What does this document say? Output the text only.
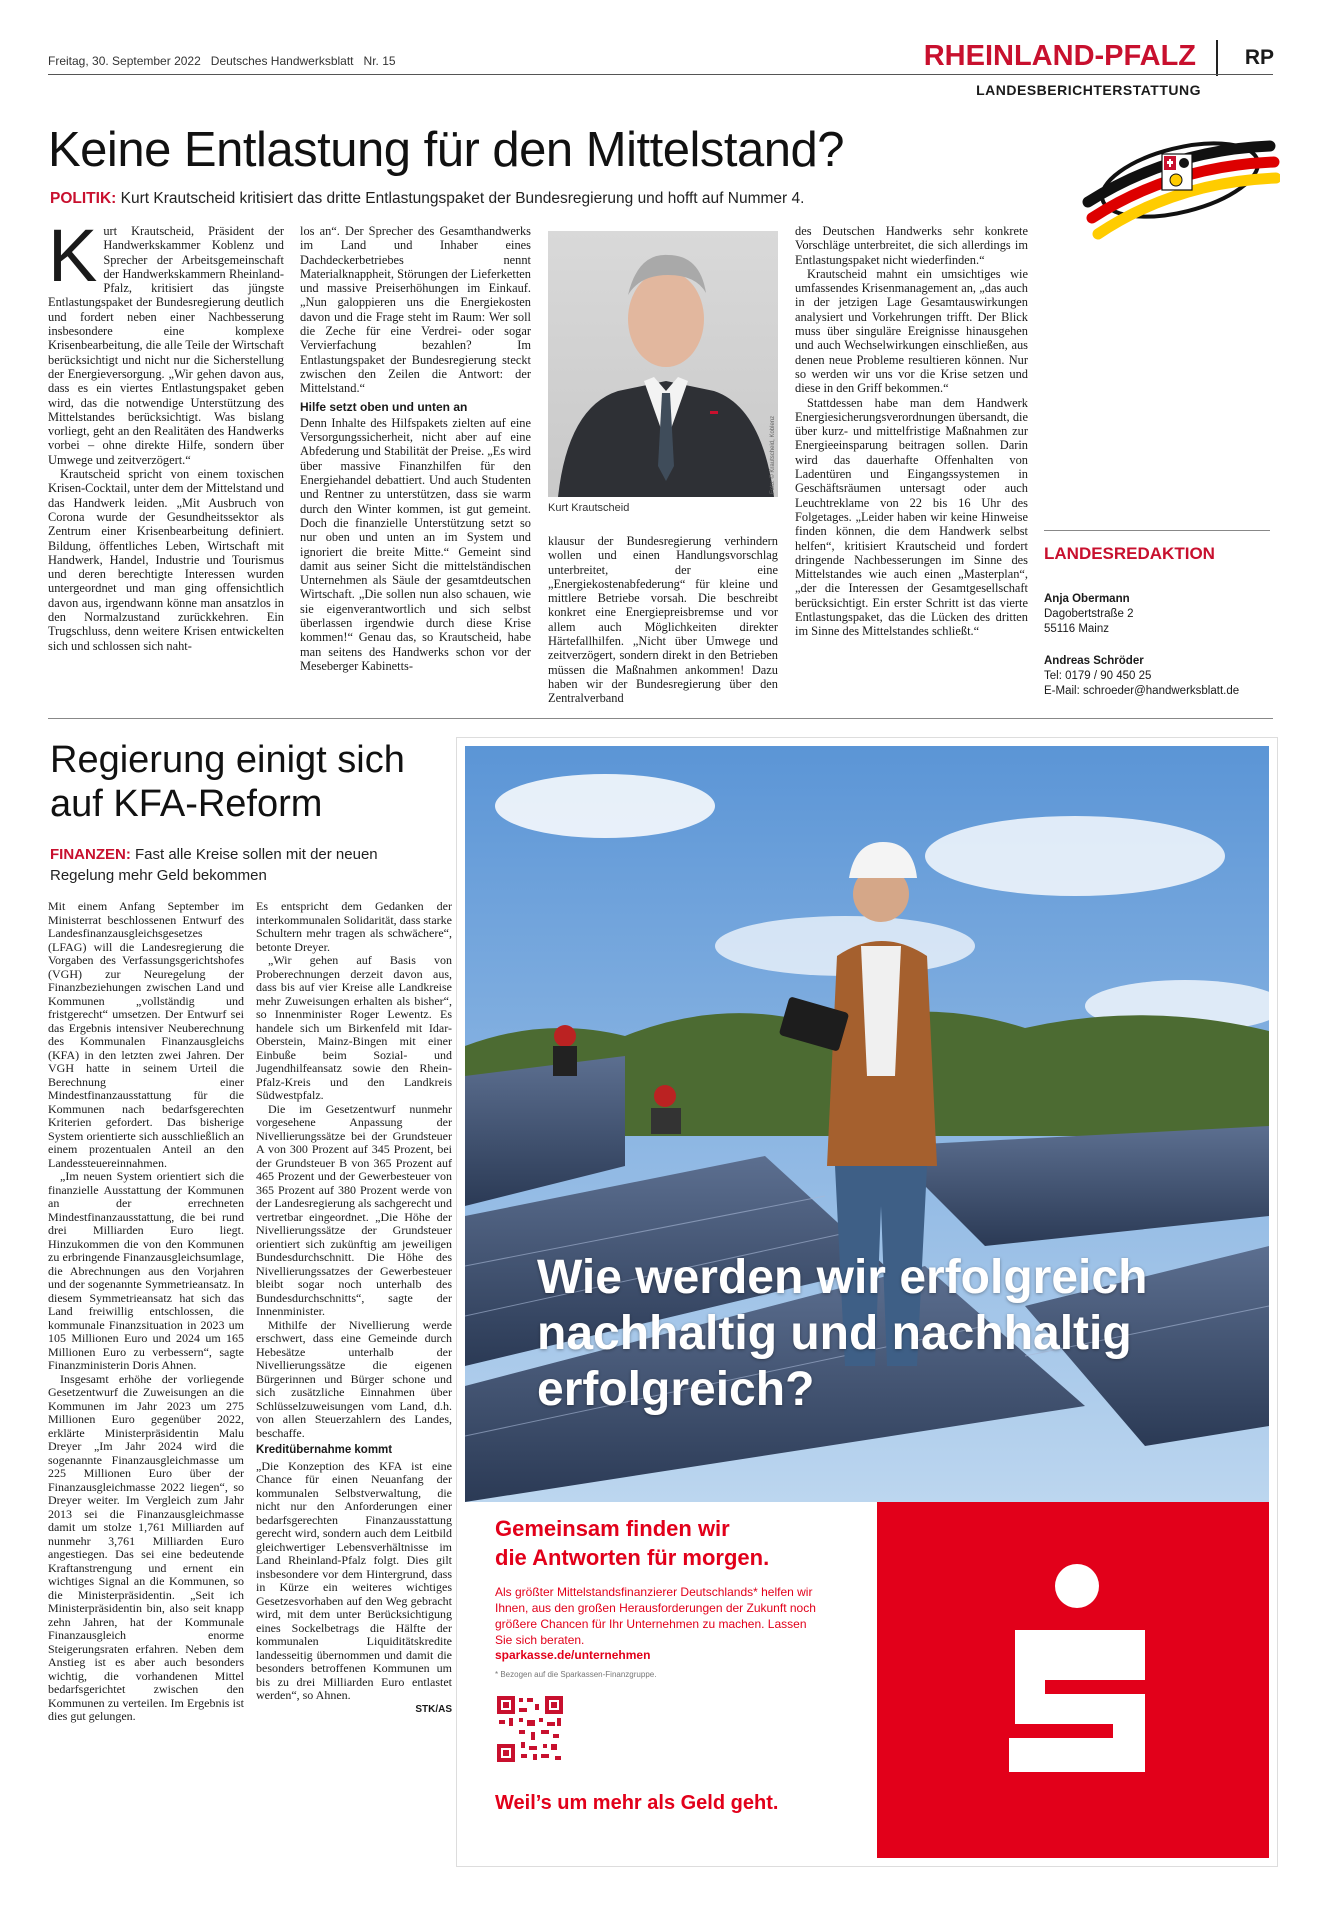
Freitag, 30. September 2022 Deutsches Handwerksblatt Nr. 15	RHEINLAND-PFALZ RP
LANDESBERICHTERSTATTUNG
Keine Entlastung für den Mittelstand?
POLITIK: Kurt Krautscheid kritisiert das dritte Entlastungspaket der Bundesregierung und hofft auf Nummer 4.
K urt Krautscheid, Präsident der Handwerkskammer Koblenz und Sprecher der Arbeitsgemeinschaft der Handwerkskammern Rheinland-Pfalz, kritisiert das jüngste Entlastungspaket der Bundesregierung deutlich und fordert neben einer Nachbesserung insbesondere eine komplexe Krisenbearbeitung, die alle Teile der Wirtschaft berücksichtigt und nicht nur die Sicherstellung der Energieversorgung. „Wir gehen davon aus, dass es ein viertes Entlastungspaket geben wird, das die notwendige Unterstützung des Mittelstandes berücksichtigt. Was bislang vorliegt, geht an den Realitäten des Handwerks vorbei – ohne direkte Hilfe, sondern über Umwege und zeitverzögert.“

Krautscheid spricht von einem toxischen Krisen-Cocktail, unter dem der Mittelstand und das Handwerk leiden. „Mit Ausbruch von Corona wurde der Gesundheitssektor als Zentrum einer Krisenbearbeitung definiert. Bildung, öffentliches Leben, Wirtschaft mit Handwerk, Handel, Industrie und Tourismus und deren berechtigte Interessen wurden untergeordnet und man ging offensichtlich davon aus, irgendwann könne man ansatzlos in den Normalzustand zurückkehren. Ein Trugschluss, denn weitere Krisen entwickelten sich und schlossen sich naht-

los an“. Der Sprecher des Gesamthandwerks im Land und Inhaber eines Dachdeckerbetriebes nennt Materialknappheit, Störungen der Lieferketten und massive Preiserhöhungen im Einkauf. „Nun galoppieren uns die Energiekosten davon und die Frage steht im Raum: Wer soll die Zeche für eine Verdrei- oder sogar Vervierfachung bezahlen? Im Entlastungspaket der Bundesregierung steckt zwischen den Zeilen die Antwort: der Mittelstand.“

Hilfe setzt oben und unten an

Denn Inhalte des Hilfspakets zielten auf eine Versorgungssicherheit, nicht aber auf eine Abfederung und Stabilität der Preise. „Es wird über massive Finanzhilfen für den Energiehandel debattiert. Und auch Studenten und Rentner zu unterstützen, dass sie warm durch den Winter kommen, ist gut gemeint. Doch die finanzielle Unterstützung setzt so nur oben und unten an im System und ignoriert die breite Mitte.“ Gemeint sind damit aus seiner Sicht die mittelständischen Unternehmen als Säule der gesamtdeutschen Wirtschaft. „Die sollen nun also schauen, wie sie eigenverantwortlich und sich selbst überlassen irgendwie durch diese Krise kommen!“ Genau das, so Krautscheid, habe man seitens des Handwerks schon vor der Meseberger Kabinetts-

Foto: © Krautscheid, Koblenz
Kurt Krautscheid

klausur der Bundesregierung verhindern wollen und einen Handlungsvorschlag unterbreitet, der eine „Energiekostenabfederung“ für kleine und mittlere Betriebe vorsah. Die beschreibt konkret eine Energiepreisbremse und vor allem auch Möglichkeiten direkter Härtefallhilfen. „Nicht über Umwege und zeitverzögert, sondern direkt in den Betrieben müssen die Maßnahmen ankommen! Dazu haben wir der Bundesregierung über den Zentralverband

des Deutschen Handwerks sehr konkrete Vorschläge unterbreitet, die sich allerdings im Entlastungspaket nicht wiederfinden.“

Krautscheid mahnt ein umsichtiges wie umfassendes Krisenmanagement an, „das auch in der jetzigen Lage Gesamtauswirkungen analysiert und Vorkehrungen trifft. Der Blick muss über singuläre Ereignisse hinausgehen und auch Wechselwirkungen einschließen, aus denen neue Probleme resultieren können. Nur so werden wir uns vor die Krise setzen und diese in den Griff bekommen.“

Stattdessen habe man dem Handwerk Energiesicherungsverordnungen übersandt, die über kurz- und mittelfristige Maßnahmen zur Energieeinsparung beitragen sollen. Darin wird das dauerhafte Offenhalten von Ladentüren und Eingangssystemen in Geschäftsräumen untersagt oder auch Leuchtreklame von 22 bis 16 Uhr des Folgetages. „Leider haben wir keine Hinweise finden können, die dem Handwerk selbst helfen“, kritisiert Krautscheid und fordert dringende Nachbesserungen im Sinne des Mittelstandes wie auch einen „Masterplan“, „der die Interessen der Gesamtgesellschaft berücksichtigt. Ein erster Schritt ist das vierte Entlastungspaket, das die Lücken des dritten im Sinne des Mittelstandes schließt.“

LANDESREDAKTION
Anja Obermann
Dagobertstraße 2
55116 Mainz
Andreas Schröder
Tel: 0179 / 90 450 25
E-Mail: schroeder@handwerksblatt.de
Regierung einigt sich
auf KFA-Reform
FINANZEN: Fast alle Kreise sollen mit der neuen Regelung mehr Geld bekommen

Mit einem Anfang September im Ministerrat beschlossenen Entwurf des Landesfinanzausgleichsgesetzes (LFAG) will die Landesregierung die Vorgaben des Verfassungsgerichtshofes (VGH) zur Neuregelung der Finanzbeziehungen zwischen Land und Kommunen „vollständig und fristgerecht“ umsetzen. Der Entwurf sei das Ergebnis intensiver Neuberechnung des Kommunalen Finanzausgleichs (KFA) in den letzten zwei Jahren. Der VGH hatte in seinem Urteil die Berechnung einer Mindestfinanzausstattung für die Kommunen nach bedarfsgerechten Kriterien gefordert. Das bisherige System orientierte sich ausschließlich an einem prozentualen Anteil an den Landessteuereinnahmen.

„Im neuen System orientiert sich die finanzielle Ausstattung der Kommunen an der errechneten Mindestfinanzausstattung, die bei rund drei Milliarden Euro liegt. Hinzukommen die von den Kommunen zu erbringende Finanzausgleichsumlage, die Abrechnungen aus den Vorjahren und der sogenannte Symmetrieansatz. In diesem Symmetrieansatz hat sich das Land freiwillig entschlossen, die kommunale Finanzsituation in 2023 um 105 Millionen Euro und 2024 um 165 Millionen Euro zu verbessern“, sagte Finanzministerin Doris Ahnen.

Insgesamt erhöhe der vorliegende Gesetzentwurf die Zuweisungen an die Kommunen im Jahr 2023 um 275 Millionen Euro gegenüber 2022, erklärte Ministerpräsidentin Malu Dreyer „Im Jahr 2024 wird die sogenannte Finanzausgleichmasse um 225 Millionen Euro über der Finanzausgleichmasse 2022 liegen“, so Dreyer weiter. Im Vergleich zum Jahr 2013 sei die Finanzausgleichmasse damit um stolze 1,761 Milliarden auf nunmehr 3,761 Milliarden Euro angestiegen. Das sei eine bedeutende Kraftanstrengung und ernent ein wichtiges Signal an die Kommunen, so die Ministerpräsidentin. „Seit ich Ministerpräsidentin bin, also seit knapp zehn Jahren, hat der Kommunale Finanzausgleich enorme Steigerungsraten erfahren. Neben dem Anstieg ist es aber auch besonders wichtig, die vorhandenen Mittel bedarfsgerichtet zwischen den Kommunen zu verteilen. Im Ergebnis ist dies gut gelungen.

Es entspricht dem Gedanken der interkommunalen Solidarität, dass starke Schultern mehr tragen als schwächere“, betonte Dreyer.

„Wir gehen auf Basis von Proberechnungen derzeit davon aus, dass bis auf vier Kreise alle Landkreise mehr Zuweisungen erhalten als bisher“, so Innenminister Roger Lewentz. Es handele sich um Birkenfeld mit Idar-Oberstein, Mainz-Bingen mit einer Einbuße beim Sozial- und Jugendhilfeansatz sowie den Rhein-Pfalz-Kreis und den Landkreis Südwestpfalz.

Die im Gesetzentwurf nunmehr vorgesehene Anpassung der Nivellierungssätze bei der Grundsteuer A von 300 Prozent auf 345 Prozent, bei der Grundsteuer B von 365 Prozent auf 465 Prozent und der Gewerbesteuer von 365 Prozent auf 380 Prozent werde von der Landesregierung als sachgerecht und vertretbar eingeordnet. „Die Höhe der Nivellierungssätze der Grundsteuer orientiert sich zukünftig am jeweiligen Bundesdurchschnitt. Die Höhe des Nivellierungssatzes der Gewerbesteuer bleibt sogar noch unterhalb des Bundesdurchschnitts“, sagte der Innenminister.

Mithilfe der Nivellierung werde erschwert, dass eine Gemeinde durch Hebesätze unterhalb der Nivellierungssätze die eigenen Bürgerinnen und Bürger schone und sich zusätzliche Einnahmen über Schlüsselzuweisungen vom Land, d.h. von allen Steuerzahlern des Landes, beschaffe.

Kreditübernahme kommt

„Die Konzeption des KFA ist eine Chance für einen Neuanfang der kommunalen Selbstverwaltung, die nicht nur den Anforderungen einer bedarfsgerechten Finanzausstattung gerecht wird, sondern auch dem Leitbild gleichwertiger Lebensverhältnisse im Land Rheinland-Pfalz folgt. Dies gilt insbesondere vor dem Hintergrund, dass in Kürze ein weiteres wichtiges Gesetzesvorhaben auf den Weg gebracht wird, mit dem unter Berücksichtigung eines Sockelbetrags die Hälfte der kommunalen Liquiditätskredite landesseitig übernommen und damit die besonders betroffenen Kommunen um bis zu drei Milliarden Euro entlastet werden“, so Ahnen.

STK/AS
Wie werden wir erfolgreich nachhaltig und nachhaltig erfolgreich?
Gemeinsam finden wir
die Antworten für morgen.
Als größter Mittelstandsfinanzierer Deutschlands* helfen wir Ihnen, aus den großen Herausforderungen der Zukunft noch größere Chancen für Ihr Unternehmen zu machen. Lassen Sie sich beraten.
sparkasse.de/unternehmen
* Bezogen auf die Sparkassen-Finanzgruppe.
Weil’s um mehr als Geld geht.
